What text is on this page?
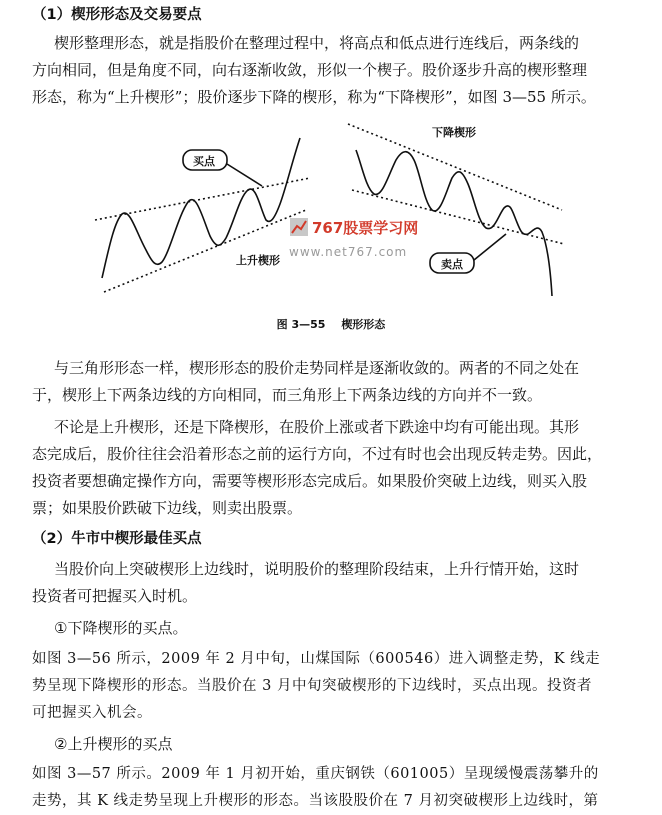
（1）楔形形态及交易要点
楔形整理形态，就是指股价在整理过程中，将高点和低点进行连线后，两条线的
方向相同，但是角度不同，向右逐渐收敛，形似一个楔子。股价逐步升高的楔形整理
形态，称为“上升楔形”；股价逐步下降的楔形，称为“下降楔形”，如图 3—55 所示。
767股票学习网
www.net767.com
买点
上升楔形
下降楔形
卖点
图 3—55 楔形形态
与三角形形态一样，楔形形态的股价走势同样是逐渐收敛的。两者的不同之处在
于，楔形上下两条边线的方向相同，而三角形上下两条边线的方向并不一致。
不论是上升楔形，还是下降楔形，在股价上涨或者下跌途中均有可能出现。其形
态完成后，股价往往会沿着形态之前的运行方向，不过有时也会出现反转走势。因此，
投资者要想确定操作方向，需要等楔形形态完成后。如果股价突破上边线，则买入股
票；如果股价跌破下边线，则卖出股票。
（2）牛市中楔形最佳买点
当股价向上突破楔形上边线时，说明股价的整理阶段结束，上升行情开始，这时
投资者可把握买入时机。
①下降楔形的买点。
如图 3—56 所示，2009 年 2 月中旬，山煤国际（600546）进入调整走势，K 线走
势呈现下降楔形的形态。当股价在 3 月中旬突破楔形的下边线时，买点出现。投资者
可把握买入机会。
②上升楔形的买点
如图 3—57 所示。2009 年 1 月初开始，重庆钢铁（601005）呈现缓慢震荡攀升的
走势，其 K 线走势呈现上升楔形的形态。当该股股价在 7 月初突破楔形上边线时，第
